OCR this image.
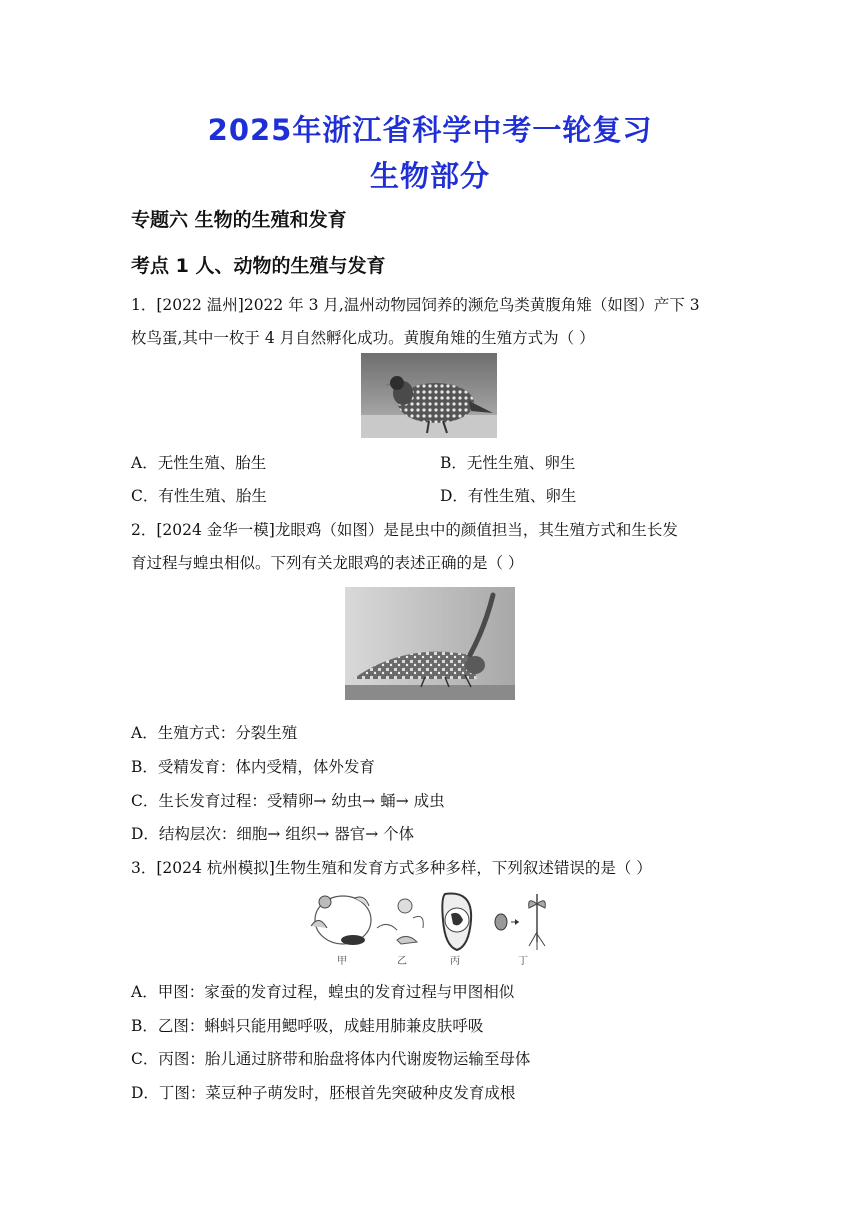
2025年浙江省科学中考一轮复习
生物部分
专题六 生物的生殖和发育
考点 1 人、动物的生殖与发育
1．[2022 温州]2022 年 3 月,温州动物园饲养的濒危鸟类黄腹角雉（如图）产下 3
枚鸟蛋,其中一枚于 4 月自然孵化成功。黄腹角雉的生殖方式为（ ）
A．无性生殖、胎生	B．无性生殖、卵生
C．有性生殖、胎生	D．有性生殖、卵生
2．[2024 金华一模]龙眼鸡（如图）是昆虫中的颜值担当，其生殖方式和生长发
育过程与蝗虫相似。下列有关龙眼鸡的表述正确的是（ ）
A．生殖方式：分裂生殖
B．受精发育：体内受精，体外发育
C．生长发育过程：受精卵→ 幼虫→ 蛹→ 成虫
D．结构层次：细胞→ 组织→ 器官→ 个体
3．[2024 杭州模拟]生物生殖和发育方式多种多样，下列叙述错误的是（ ）
甲	乙	丙	丁
A．甲图：家蚕的发育过程，蝗虫的发育过程与甲图相似
B．乙图：蝌蚪只能用鳃呼吸，成蛙用肺兼皮肤呼吸
C．丙图：胎儿通过脐带和胎盘将体内代谢废物运输至母体
D．丁图：菜豆种子萌发时，胚根首先突破种皮发育成根
